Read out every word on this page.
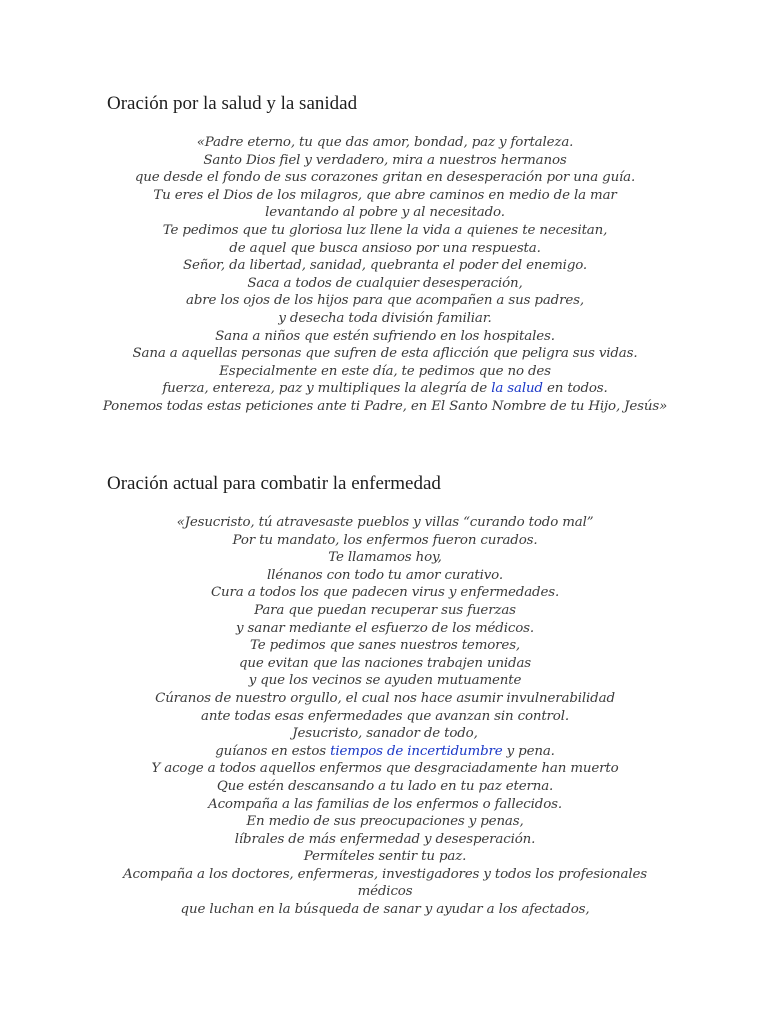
Oración por la salud y la sanidad
«Padre eterno, tu que das amor, bondad, paz y fortaleza.
Santo Dios fiel y verdadero, mira a nuestros hermanos
que desde el fondo de sus corazones gritan en desesperación por una guía.
Tu eres el Dios de los milagros, que abre caminos en medio de la mar
levantando al pobre y al necesitado.
Te pedimos que tu gloriosa luz llene la vida a quienes te necesitan,
de aquel que busca ansioso por una respuesta.
Señor, da libertad, sanidad, quebranta el poder del enemigo.
Saca a todos de cualquier desesperación,
abre los ojos de los hijos para que acompañen a sus padres,
y desecha toda división familiar.
Sana a niños que estén sufriendo en los hospitales.
Sana a aquellas personas que sufren de esta aflicción que peligra sus vidas.
Especialmente en este día, te pedimos que no des
fuerza, entereza, paz y multipliques la alegría de la salud en todos.
Ponemos todas estas peticiones ante ti Padre, en El Santo Nombre de tu Hijo, Jesús»
Oración actual para combatir la enfermedad
«Jesucristo, tú atravesaste pueblos y villas “curando todo mal”
Por tu mandato, los enfermos fueron curados.
Te llamamos hoy,
llénanos con todo tu amor curativo.
Cura a todos los que padecen virus y enfermedades.
Para que puedan recuperar sus fuerzas
y sanar mediante el esfuerzo de los médicos.
Te pedimos que sanes nuestros temores,
que evitan que las naciones trabajen unidas
y que los vecinos se ayuden mutuamente
Cúranos de nuestro orgullo, el cual nos hace asumir invulnerabilidad
ante todas esas enfermedades que avanzan sin control.
Jesucristo, sanador de todo,
guíanos en estos tiempos de incertidumbre y pena.
Y acoge a todos aquellos enfermos que desgraciadamente han muerto
Que estén descansando a tu lado en tu paz eterna.
Acompaña a las familias de los enfermos o fallecidos.
En medio de sus preocupaciones y penas,
líbrales de más enfermedad y desesperación.
Permíteles sentir tu paz.
Acompaña a los doctores, enfermeras, investigadores y todos los profesionales médicos
que luchan en la búsqueda de sanar y ayudar a los afectados,
